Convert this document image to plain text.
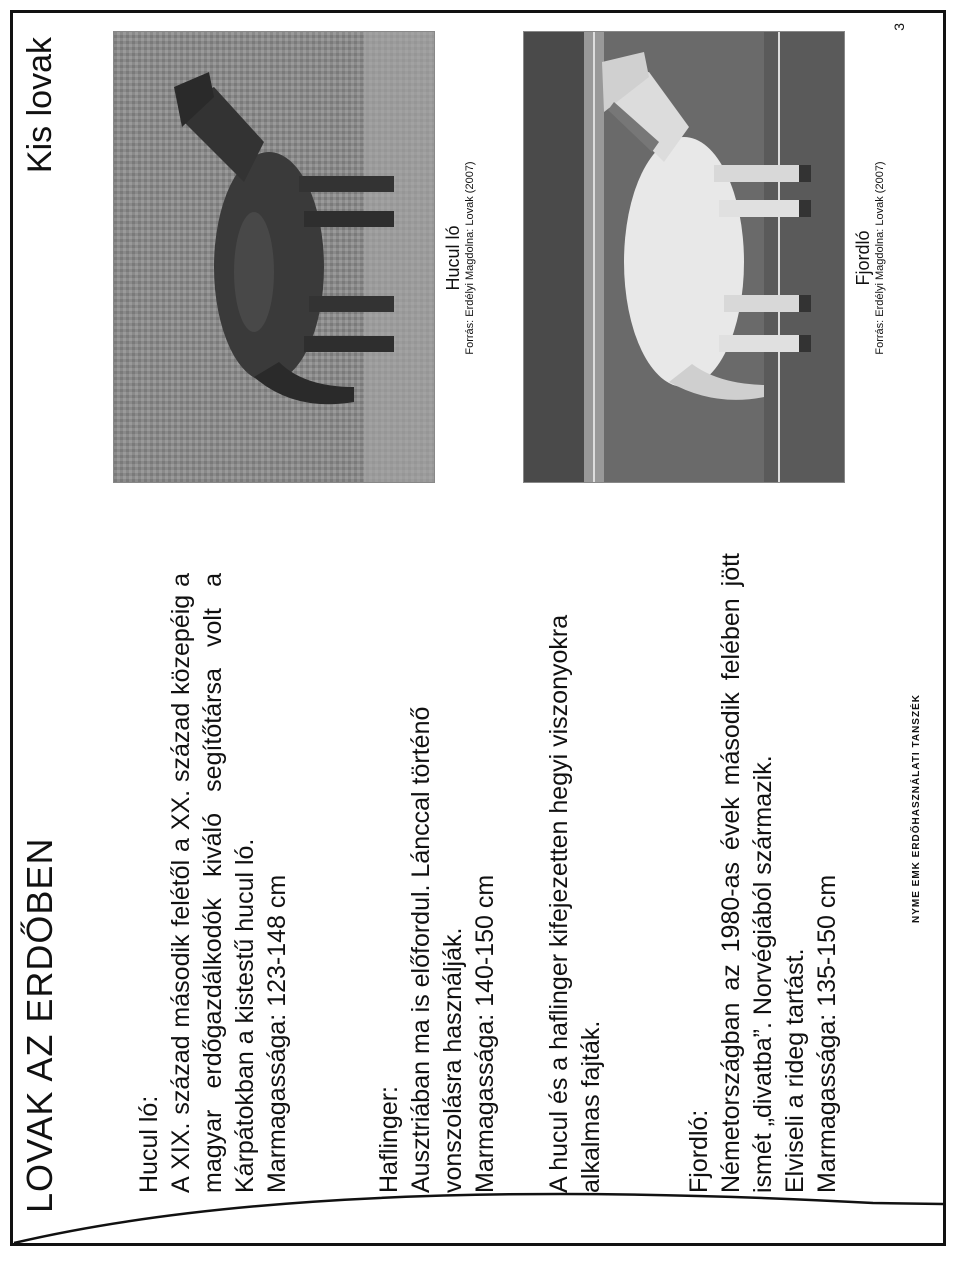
LOVAK AZ ERDŐBEN
Kis lovak
3

Hucul ló: A XIX. század második felétől a XX. század közepéig a magyar erdőgazdálkodók kiváló segítőtársa volt a Kárpátokban a kistestű hucul ló. Marmagassága: 123-148 cm	Haflinger: Ausztriában ma is előfordul. Lánccal történő vonszolásra használják. Marmagassága: 140-150 cm A hucul és a haflinger kifejezetten hegyi viszonyokra alkalmas fajták.	Fjordló: Németországban az 1980-as évek második felében jött ismét „divatba”. Norvégiából származik. Elviseli a rideg tartást. Marmagassága: 135-150 cm

Hucul ló Forrás: Erdélyi Magdolna: Lovak (2007)	Fjordló Forrás: Erdélyi Magdolna: Lovak (2007)
NYME EMK ERDŐHASZNÁLATI TANSZÉK
